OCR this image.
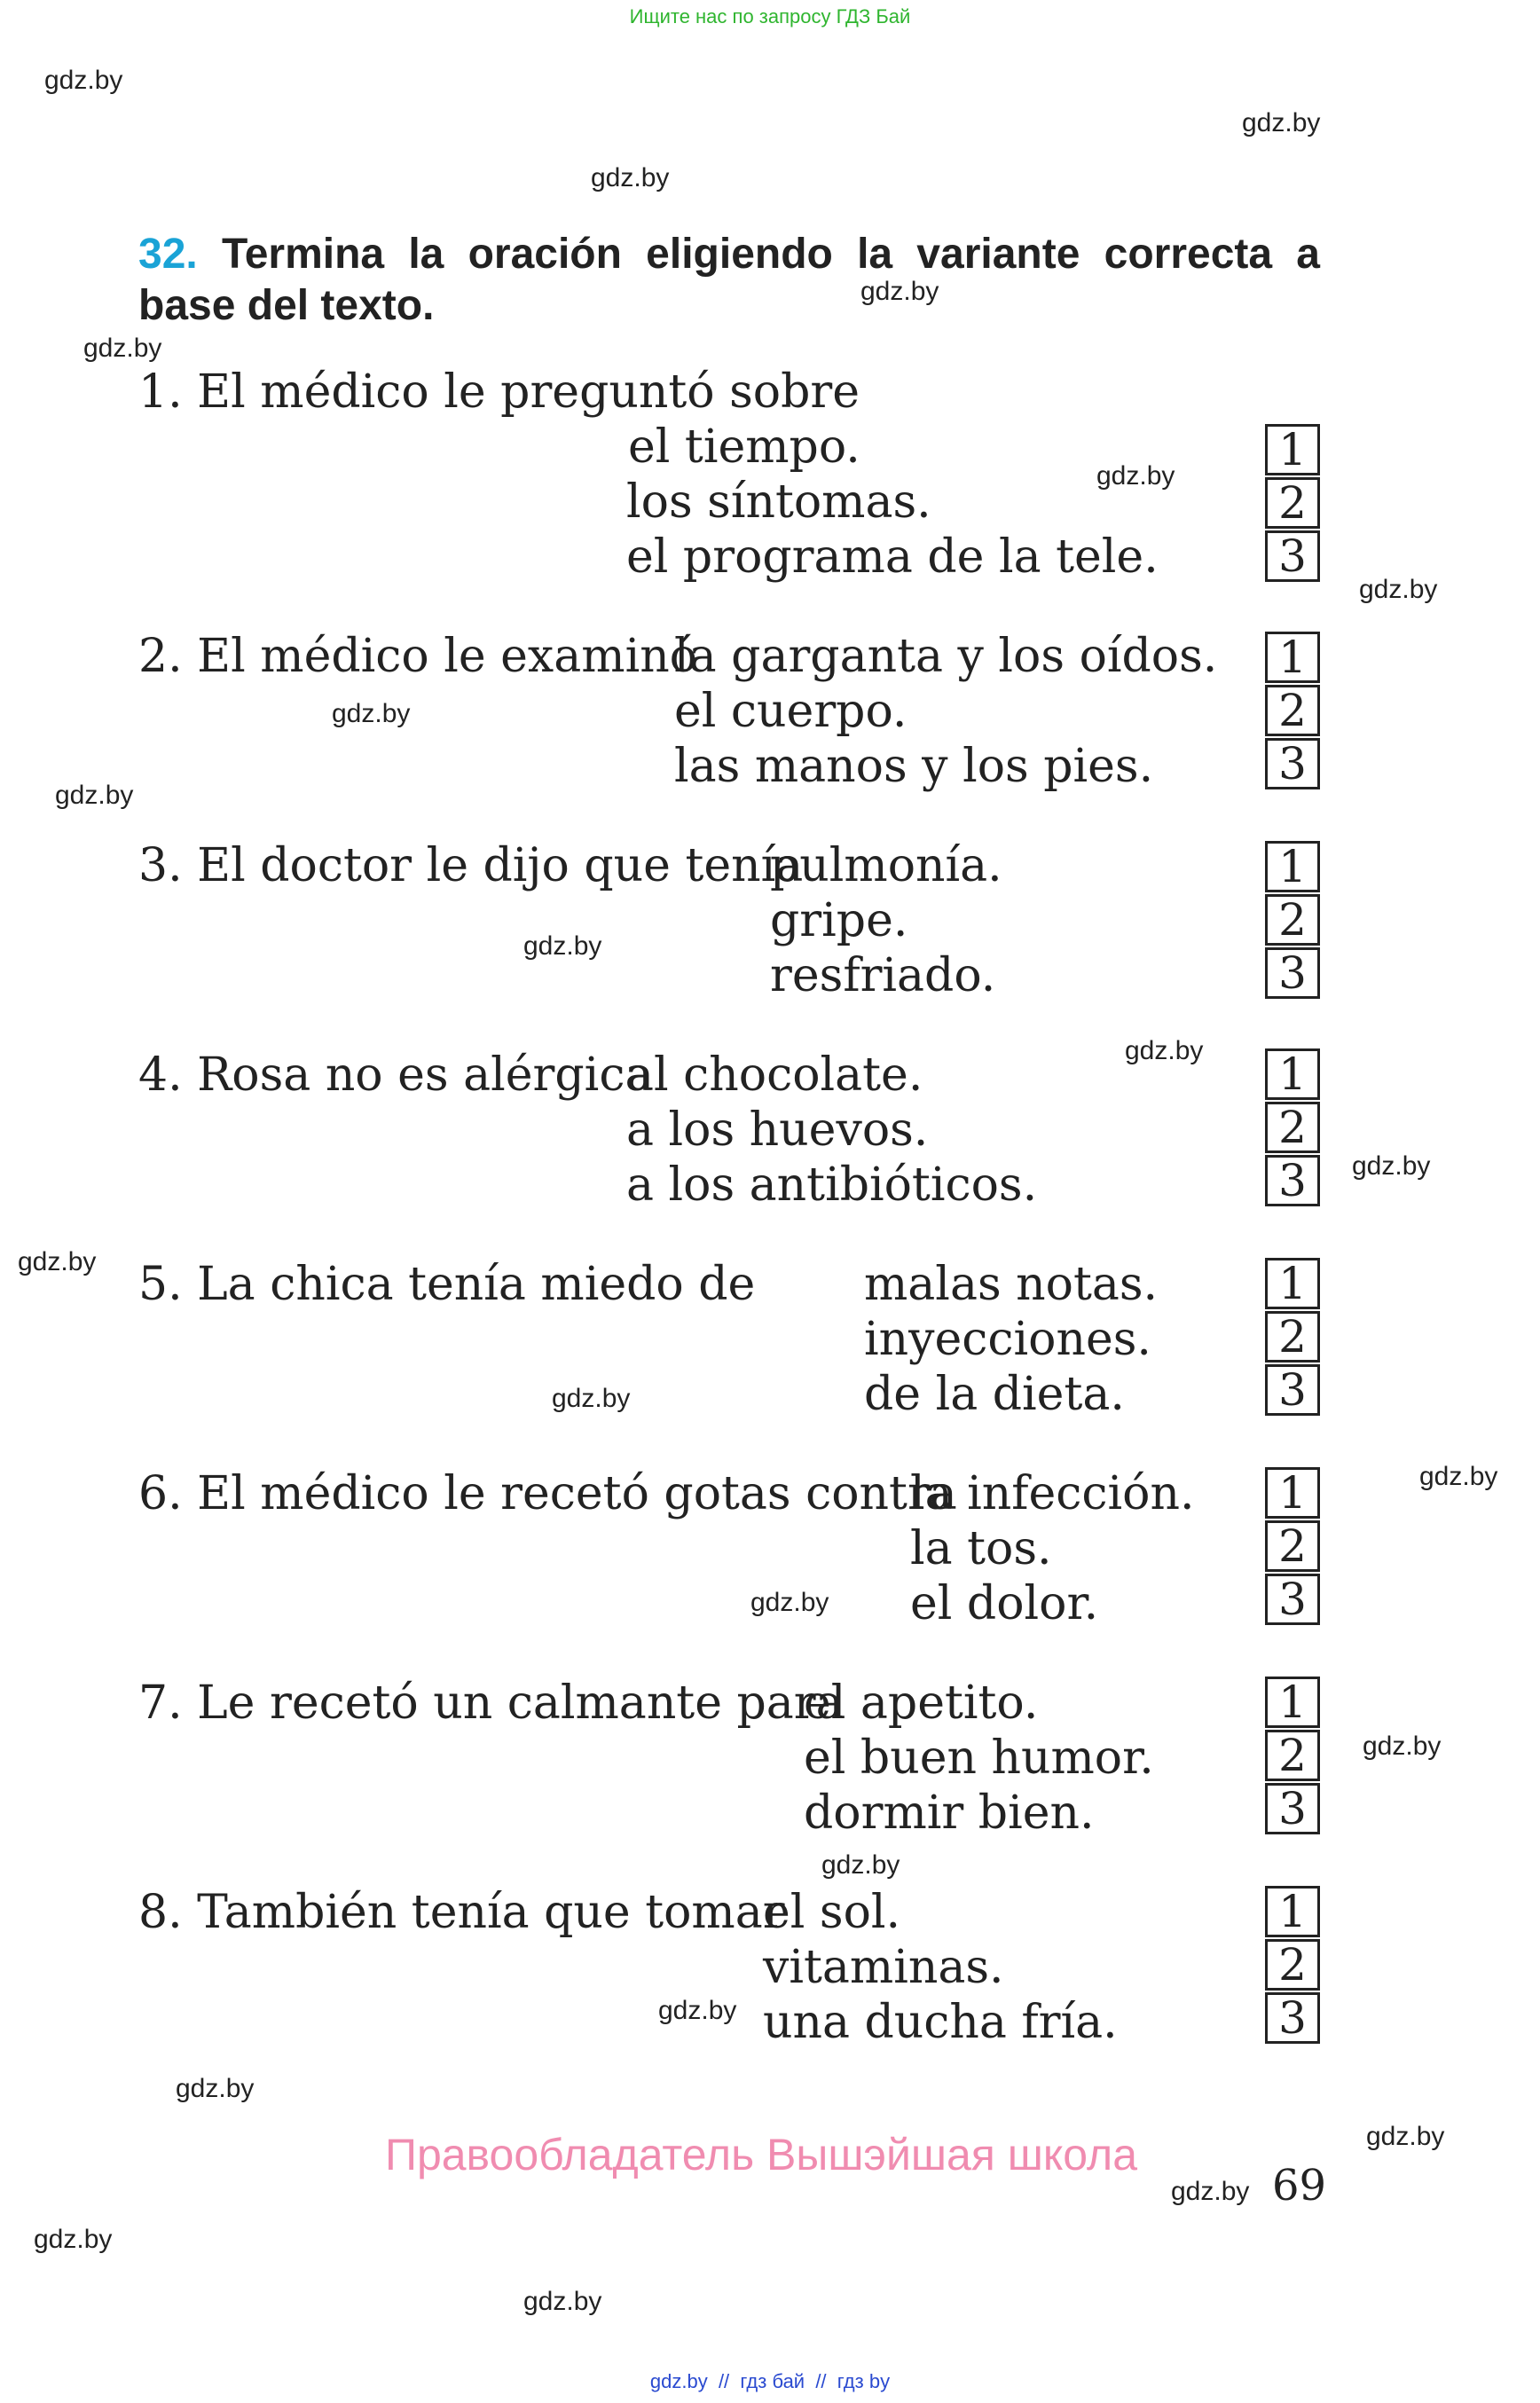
Ищите нас по запросу ГДЗ Бай
gdz.by
gdz.by
gdz.by
gdz.by
gdz.by
gdz.by
gdz.by
gdz.by
gdz.by
gdz.by
gdz.by
gdz.by
gdz.by
gdz.by
gdz.by
gdz.by
gdz.by
gdz.by
gdz.by
gdz.by
gdz.by
gdz.by
gdz.by
gdz.by
32. Termina la oración eligiendo la variante correcta a base del texto.
1. El médico le preguntó sobre
el tiempo.
los síntomas.
el programa de la tele.
1
2
3
2. El médico le examinó
la garganta y los oídos.
el cuerpo.
las manos y los pies.
1
2
3
3. El doctor le dijo que tenía
pulmonía.
gripe.
resfriado.
1
2
3
4. Rosa no es alérgica
al chocolate.
a los huevos.
a los antibióticos.
1
2
3
5. La chica tenía miedo de malas notas.
inyecciones.
de la dieta.
1
2
3
6. El médico le recetó gotas contra
la infección.
la tos.
el dolor.
1
2
3
7. Le recetó un calmante para
el apetito.
el buen humor.
dormir bien.
1
2
3
8. También tenía que tomar
el sol.
vitaminas.
una ducha fría.
1
2
3
Правообладатель Вышэйшая школа
69
gdz.by  //  гдз бай  //  гдз by
